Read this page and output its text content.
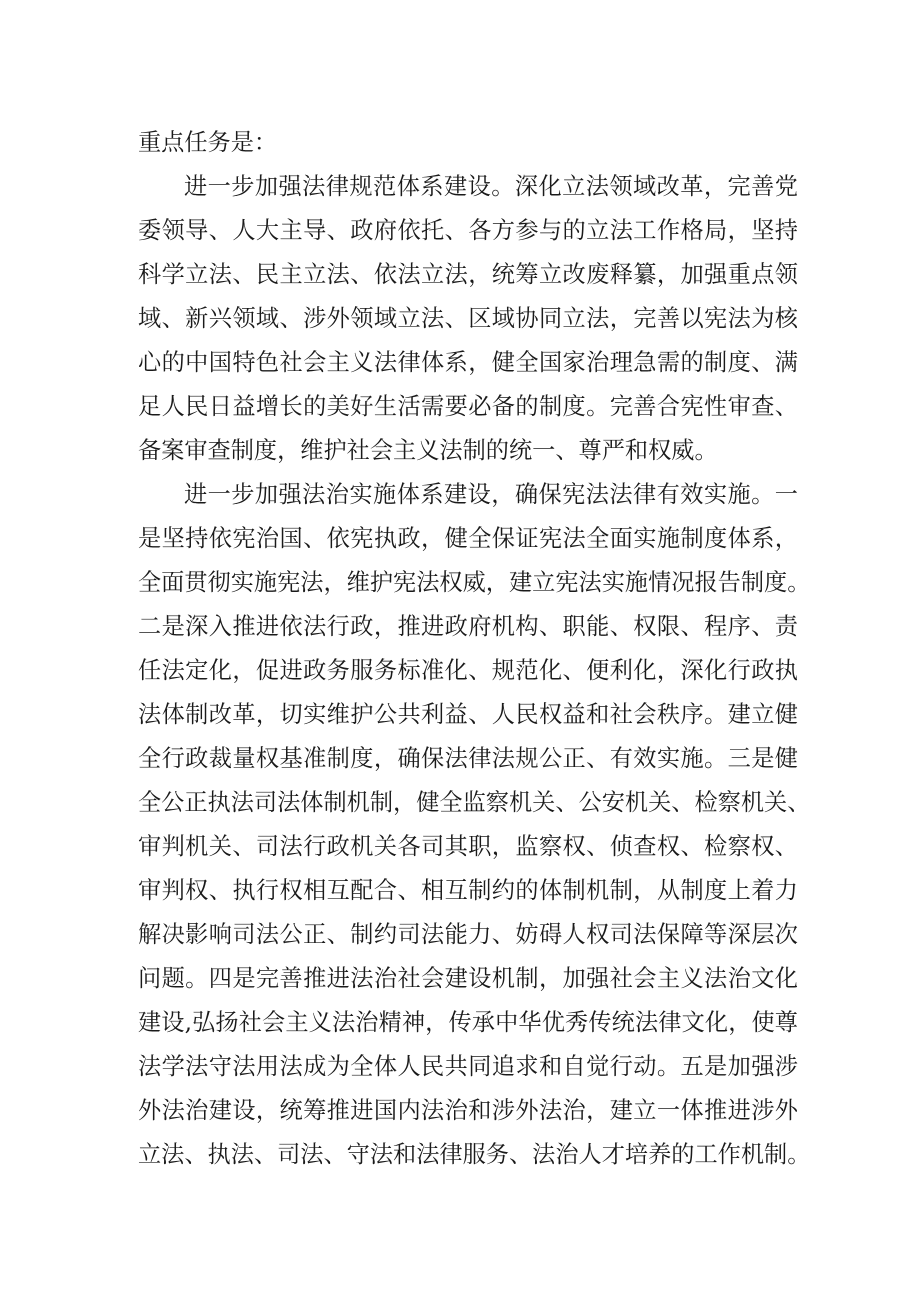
重点任务是：
进一步加强法律规范体系建设。深化立法领域改革，完善党
委领导、人大主导、政府依托、各方参与的立法工作格局，坚持
科学立法、民主立法、依法立法，统筹立改废释纂，加强重点领
域、新兴领域、涉外领域立法、区域协同立法，完善以宪法为核
心的中国特色社会主义法律体系，健全国家治理急需的制度、满
足人民日益增长的美好生活需要必备的制度。完善合宪性审查、
备案审查制度，维护社会主义法制的统一、尊严和权威。
进一步加强法治实施体系建设，确保宪法法律有效实施。一
是坚持依宪治国、依宪执政，健全保证宪法全面实施制度体系，
全面贯彻实施宪法，维护宪法权威，建立宪法实施情况报告制度。
二是深入推进依法行政，推进政府机构、职能、权限、程序、责
任法定化，促进政务服务标准化、规范化、便利化，深化行政执
法体制改革，切实维护公共利益、人民权益和社会秩序。建立健
全行政裁量权基准制度，确保法律法规公正、有效实施。三是健
全公正执法司法体制机制，健全监察机关、公安机关、检察机关、
审判机关、司法行政机关各司其职，监察权、侦查权、检察权、
审判权、执行权相互配合、相互制约的体制机制，从制度上着力
解决影响司法公正、制约司法能力、妨碍人权司法保障等深层次
问题。四是完善推进法治社会建设机制，加强社会主义法治文化
建设,弘扬社会主义法治精神，传承中华优秀传统法律文化，使尊
法学法守法用法成为全体人民共同追求和自觉行动。五是加强涉
外法治建设，统筹推进国内法治和涉外法治，建立一体推进涉外
立法、执法、司法、守法和法律服务、法治人才培养的工作机制。
